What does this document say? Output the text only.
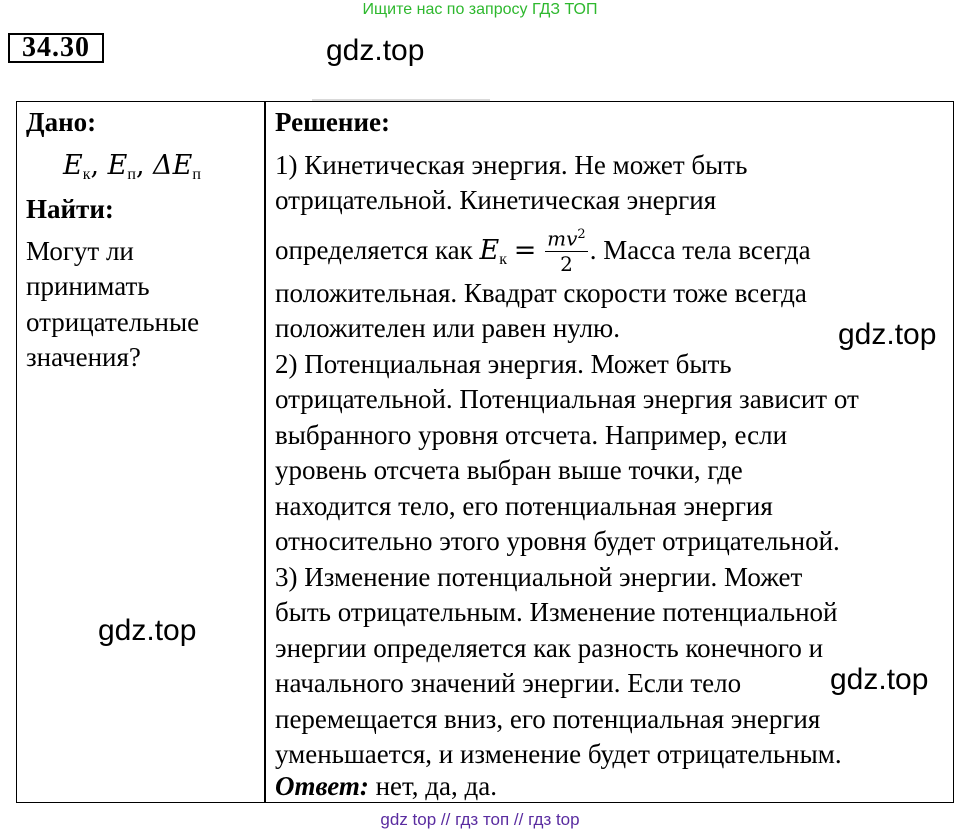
Ищите нас по запросу ГДЗ ТОП
34.30	gdz.top
Дано:
$E_к$, $E_п$, $\Delta E_п$
Найти:
Могут ли
принимать
отрицательные
значения?
gdz.top
Решение:
1) Кинетическая энергия. Не может быть
отрицательной. Кинетическая энергия
определяется как $E_к = \frac{mv^2}{2}$ . Масса тела всегда
положительная. Квадрат скорости тоже всегда
положителен или равен нулю.
2) Потенциальная энергия. Может быть
отрицательной. Потенциальная энергия зависит от
выбранного уровня отсчета. Например, если
уровень отсчета выбран выше точки, где
находится тело, его потенциальная энергия
относительно этого уровня будет отрицательной.
3) Изменение потенциальной энергии. Может
быть отрицательным. Изменение потенциальной
энергии определяется как разность конечного и
начального значений энергии. Если тело
перемещается вниз, его потенциальная энергия
уменьшается, и изменение будет отрицательным.
Ответ: нет, да, да.
gdz.top
gdz.top
gdz top // гдз топ // гдз top
